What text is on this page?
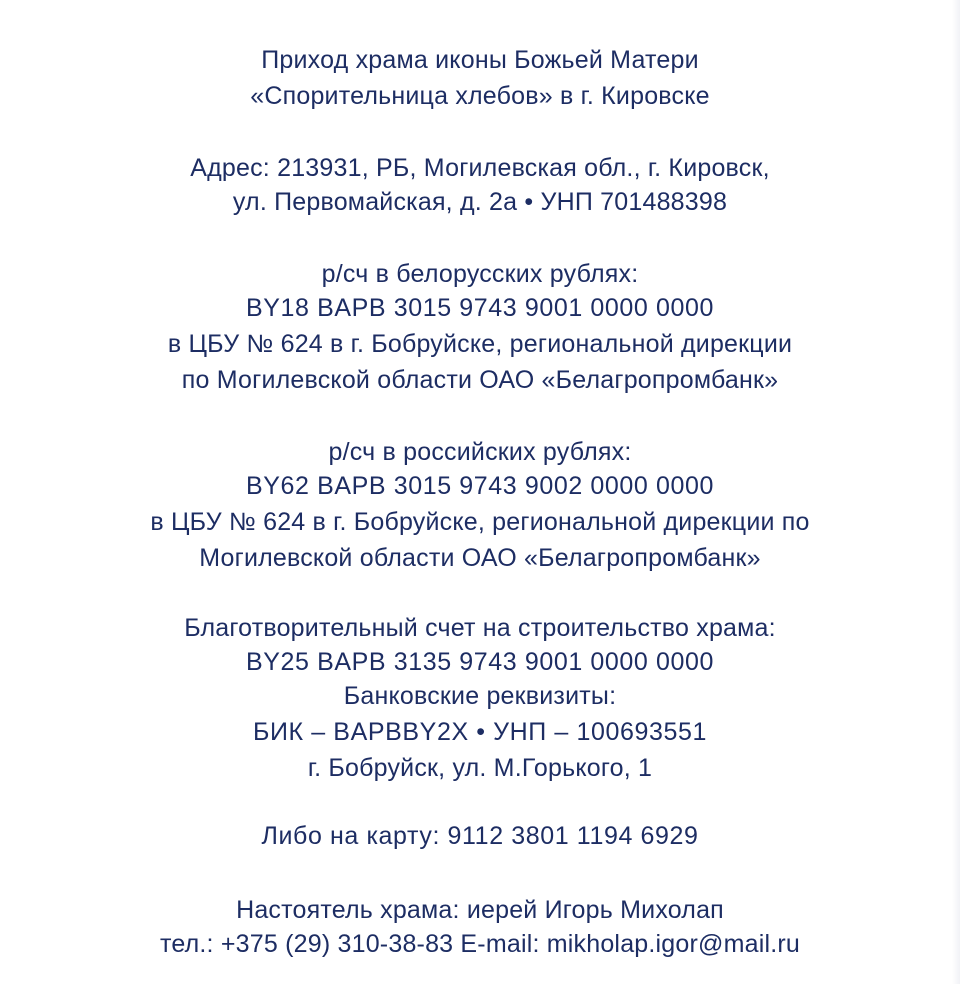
Приход храма иконы Божьей Матери
«Спорительница хлебов» в г. Кировске
Адрес: 213931, РБ, Могилевская обл., г. Кировск,
ул. Первомайская, д. 2а • УНП 701488398
р/сч в белорусских рублях:
BY18 BAPB 3015 9743 9001 0000 0000
в ЦБУ № 624 в г. Бобруйске, региональной дирекции
по Могилевской области ОАО «Белагропромбанк»
р/сч в российских рублях:
BY62 BAPB 3015 9743 9002 0000 0000
в ЦБУ № 624 в г. Бобруйске, региональной дирекции по
Могилевской области ОАО «Белагропромбанк»
Благотворительный счет на строительство храма:
BY25 BAPB 3135 9743 9001 0000 0000
Банковские реквизиты:
БИК – BAPBBY2X • УНП – 100693551
г. Бобруйск, ул. М.Горького, 1
Либо на карту: 9112 3801 1194 6929
Настоятель храма: иерей Игорь Михолап
тел.: +375 (29) 310-38-83 E-mail: mikholap.igor@mail.ru
